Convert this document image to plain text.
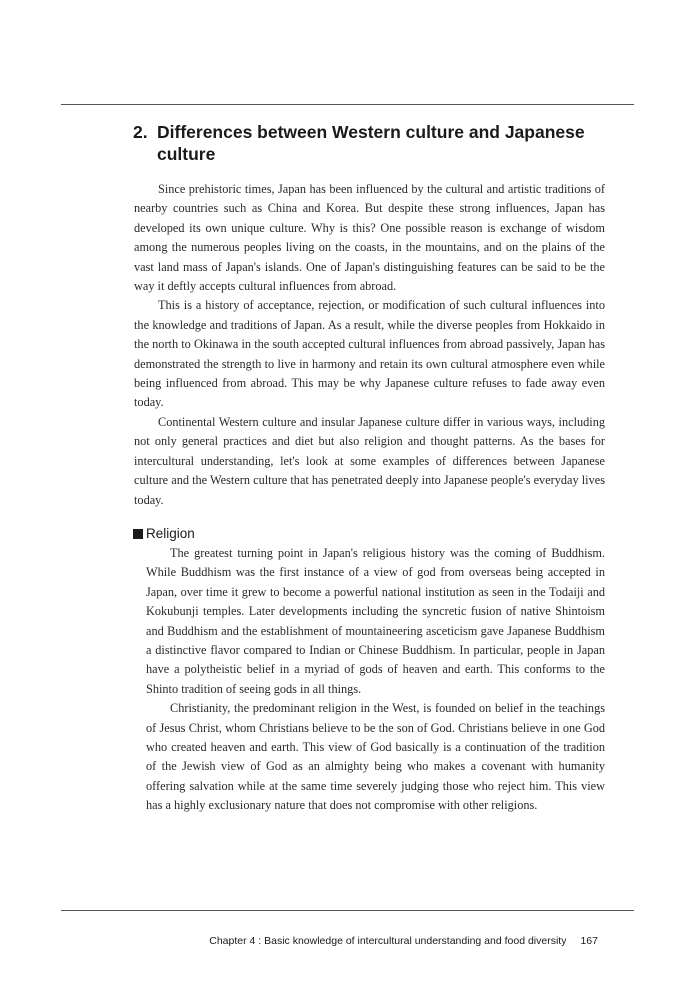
2. Differences between Western culture and Japanese
culture

Since prehistoric times, Japan has been influenced by the cultural and artistic traditions of nearby countries such as China and Korea. But despite these strong influences, Japan has developed its own unique culture. Why is this? One possible reason is exchange of wisdom among the numerous peoples living on the coasts, in the mountains, and on the plains of the vast land mass of Japan's islands. One of Japan's distinguishing features can be said to be the way it deftly accepts cultural influences from abroad.

This is a history of acceptance, rejection, or modification of such cultural influences into the knowledge and traditions of Japan. As a result, while the diverse peoples from Hokkaido in the north to Okinawa in the south accepted cultural influences from abroad passively, Japan has demonstrated the strength to live in harmony and retain its own cultural atmosphere even while being influenced from abroad. This may be why Japanese culture refuses to fade away even today.

Continental Western culture and insular Japanese culture differ in various ways, including not only general practices and diet but also religion and thought patterns. As the bases for intercultural understanding, let's look at some examples of differences between Japanese culture and the Western culture that has penetrated deeply into Japanese people's everyday lives today.

Religion

The greatest turning point in Japan's religious history was the coming of Buddhism. While Buddhism was the first instance of a view of god from overseas being accepted in Japan, over time it grew to become a powerful national institution as seen in the Todaiji and Kokubunji temples. Later developments including the syncretic fusion of native Shintoism and Buddhism and the establishment of mountaineering asceticism gave Japanese Buddhism a distinctive flavor compared to Indian or Chinese Buddhism. In particular, people in Japan have a polytheistic belief in a myriad of gods of heaven and earth. This conforms to the Shinto tradition of seeing gods in all things.

Christianity, the predominant religion in the West, is founded on belief in the teachings of Jesus Christ, whom Christians believe to be the son of God. Christians believe in one God who created heaven and earth. This view of God basically is a continuation of the tradition of the Jewish view of God as an almighty being who makes a covenant with humanity offering salvation while at the same time severely judging those who reject him. This view has a highly exclusionary nature that does not compromise with other religions.

Chapter 4 : Basic knowledge of intercultural understanding and food diversity 167
